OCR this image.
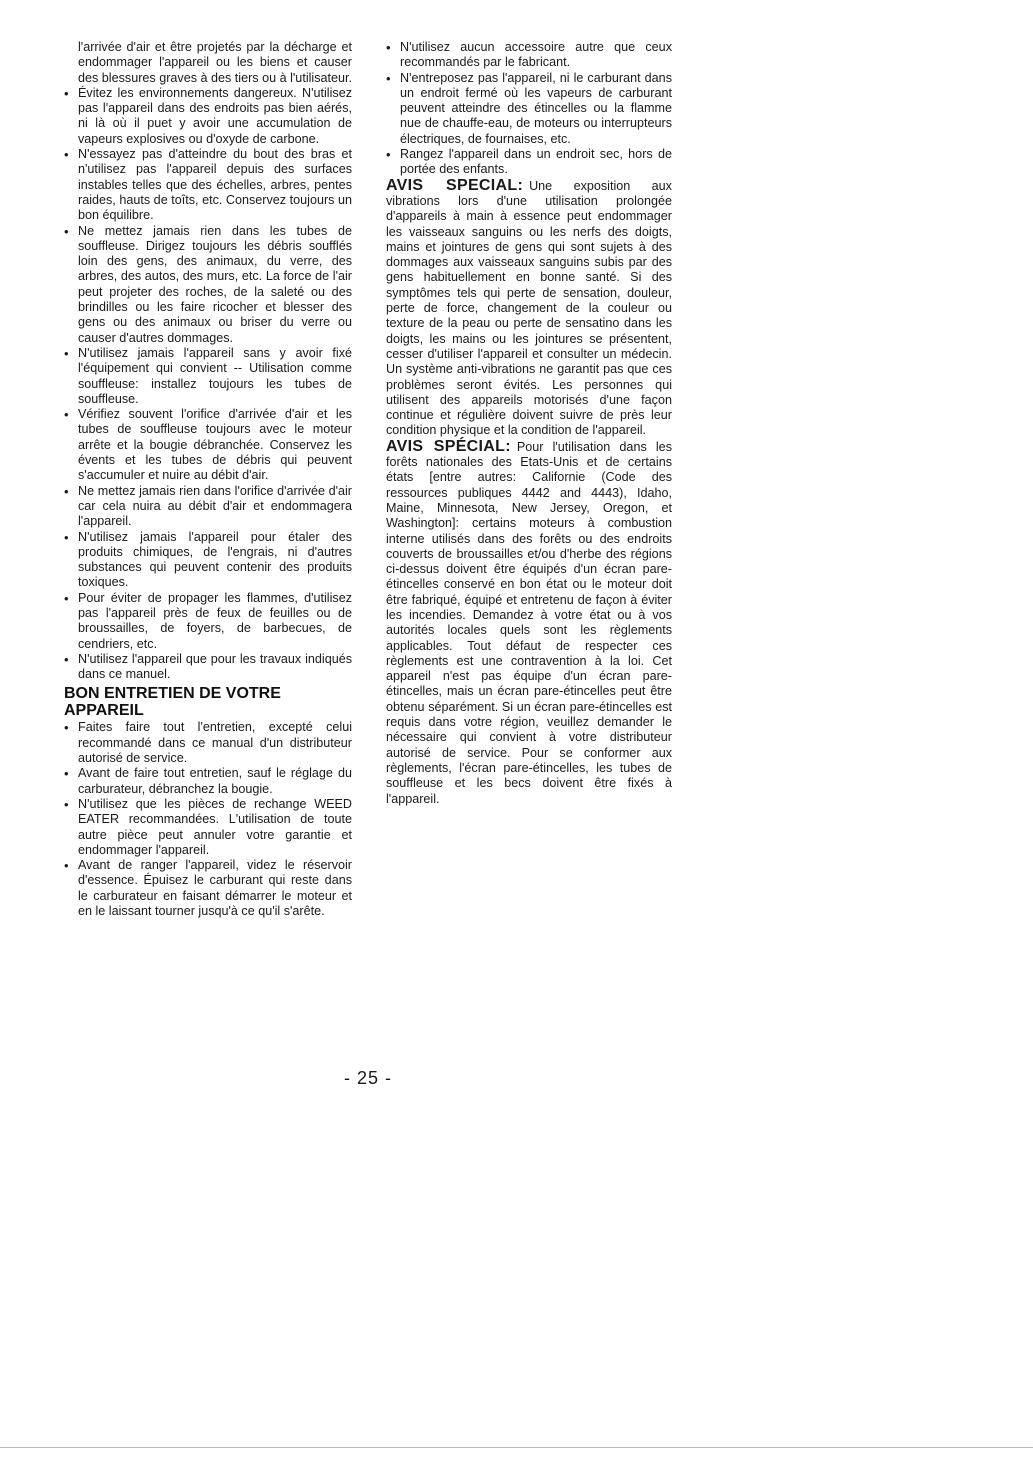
l'arrivée d'air et être projetés par la décharge et endommager l'appareil ou les biens et causer des blessures graves à des tiers ou à l'utilisateur.

• Évitez les environnements dangereux. N'utilisez pas l'appareil dans des endroits pas bien aérés, ni là où il puet y avoir une accumulation de vapeurs explosives ou d'oxyde de carbone.
• N'essayez pas d'atteindre du bout des bras et n'utilisez pas l'appareil depuis des surfaces instables telles que des échelles, arbres, pentes raides, hauts de toîts, etc. Conservez toujours un bon équilibre.
• Ne mettez jamais rien dans les tubes de souffleuse. Dirigez toujours les débris soufflés loin des gens, des animaux, du verre, des arbres, des autos, des murs, etc. La force de l'air peut projeter des roches, de la saleté ou des brindilles ou les faire ricocher et blesser des gens ou des animaux ou briser du verre ou causer d'autres dommages.
• N'utilisez jamais l'appareil sans y avoir fixé l'équipement qui convient -- Utilisation comme souffleuse: installez toujours les tubes de souffleuse.
• Vérifiez souvent l'orifice d'arrivée d'air et les tubes de souffleuse toujours avec le moteur arrête et la bougie débranchée. Conservez les évents et les tubes de débris qui peuvent s'accumuler et nuire au débit d'air.
• Ne mettez jamais rien dans l'orifice d'arrivée d'air car cela nuira au débit d'air et endommagera l'appareil.
• N'utilisez jamais l'appareil pour étaler des produits chimiques, de l'engrais, ni d'autres substances qui peuvent contenir des produits toxiques.
• Pour éviter de propager les flammes, d'utilisez pas l'appareil près de feux de feuilles ou de broussailles, de foyers, de barbecues, de cendriers, etc.
• N'utilisez l'appareil que pour les travaux indiqués dans ce manuel.
BON ENTRETIEN DE VOTRE APPAREIL
• Faites faire tout l'entretien, excepté celui recommandé dans ce manual d'un distributeur autorisé de service.
• Avant de faire tout entretien, sauf le réglage du carburateur, débranchez la bougie.
• N'utilisez que les pièces de rechange WEED EATER recommandées. L'utilisation de toute autre pièce peut annuler votre garantie et endommager l'appareil.
• Avant de ranger l'appareil, videz le réservoir d'essence. Épuisez le carburant qui reste dans le carburateur en faisant démarrer le moteur et en le laissant tourner jusqu'à ce qu'il s'arête.
• N'utilisez aucun accessoire autre que ceux recommandés par le fabricant.
• N'entreposez pas l'appareil, ni le carburant dans un endroit fermé où les vapeurs de carburant peuvent atteindre des étincelles ou la flamme nue de chauffe-eau, de moteurs ou interrupteurs électriques, de fournaises, etc.
• Rangez l'appareil dans un endroit sec, hors de portée des enfants.

AVIS SPECIAL: Une exposition aux vibrations lors d'une utilisation prolongée d'appareils à main à essence peut endommager les vaisseaux sanguins ou les nerfs des doigts, mains et jointures de gens qui sont sujets à des dommages aux vaisseaux sanguins subis par des gens habituellement en bonne santé. Si des symptômes tels qui perte de sensation, douleur, perte de force, changement de la couleur ou texture de la peau ou perte de sensatino dans les doigts, les mains ou les jointures se présentent, cesser d'utiliser l'appareil et consulter un médecin. Un système anti-vibrations ne garantit pas que ces problèmes seront évités. Les personnes qui utilisent des appareils motorisés d'une façon continue et régulière doivent suivre de près leur condition physique et la condition de l'appareil.

AVIS SPÉCIAL: Pour l'utilisation dans les forêts nationales des Etats-Unis et de certains états [entre autres: Californie (Code des ressources publiques 4442 and 4443), Idaho, Maine, Minnesota, New Jersey, Oregon, et Washington]: certains moteurs à combustion interne utilisés dans des forêts ou des endroits couverts de broussailles et/ou d'herbe des régions ci-dessus doivent être équipés d'un écran pare-étincelles conservé en bon état ou le moteur doit être fabriqué, équipé et entretenu de façon à éviter les incendies. Demandez à votre état ou à vos autorités locales quels sont les règlements applicables. Tout défaut de respecter ces règlements est une contravention à la loi. Cet appareil n'est pas équipe d'un écran pare-étincelles, mais un écran pare-étincelles peut être obtenu séparément. Si un écran pare-étincelles est requis dans votre région, veuillez demander le nécessaire qui convient à votre distributeur autorisé de service. Pour se conformer aux règlements, l'écran pare-étincelles, les tubes de souffleuse et les becs doivent être fixés à l'appareil.

- 25 -
